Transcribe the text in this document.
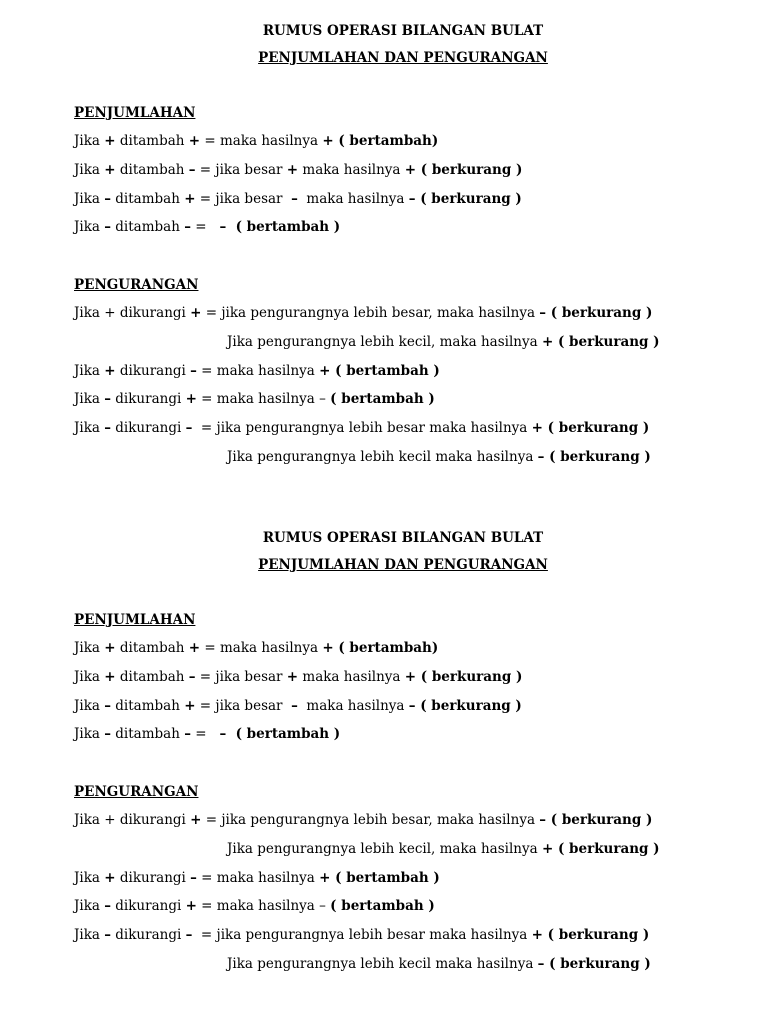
RUMUS OPERASI BILANGAN BULAT
PENJUMLAHAN DAN PENGURANGAN
PENJUMLAHAN
Jika + ditambah + = maka hasilnya + ( bertambah)
Jika + ditambah – = jika besar + maka hasilnya + ( berkurang )
Jika – ditambah + = jika besar  –  maka hasilnya – ( berkurang )
Jika – ditambah – =   –  ( bertambah )
PENGURANGAN
Jika + dikurangi + = jika pengurangnya lebih besar, maka hasilnya – ( berkurang )
Jika pengurangnya lebih kecil, maka hasilnya + ( berkurang )
Jika + dikurangi – = maka hasilnya + ( bertambah )
Jika – dikurangi + = maka hasilnya – ( bertambah )
Jika – dikurangi –  = jika pengurangnya lebih besar maka hasilnya + ( berkurang )
Jika pengurangnya lebih kecil maka hasilnya – ( berkurang )
RUMUS OPERASI BILANGAN BULAT
PENJUMLAHAN DAN PENGURANGAN
PENJUMLAHAN
Jika + ditambah + = maka hasilnya + ( bertambah)
Jika + ditambah – = jika besar + maka hasilnya + ( berkurang )
Jika – ditambah + = jika besar  –  maka hasilnya – ( berkurang )
Jika – ditambah – =   –  ( bertambah )
PENGURANGAN
Jika + dikurangi + = jika pengurangnya lebih besar, maka hasilnya – ( berkurang )
Jika pengurangnya lebih kecil, maka hasilnya + ( berkurang )
Jika + dikurangi – = maka hasilnya + ( bertambah )
Jika – dikurangi + = maka hasilnya – ( bertambah )
Jika – dikurangi –  = jika pengurangnya lebih besar maka hasilnya + ( berkurang )
Jika pengurangnya lebih kecil maka hasilnya – ( berkurang )
